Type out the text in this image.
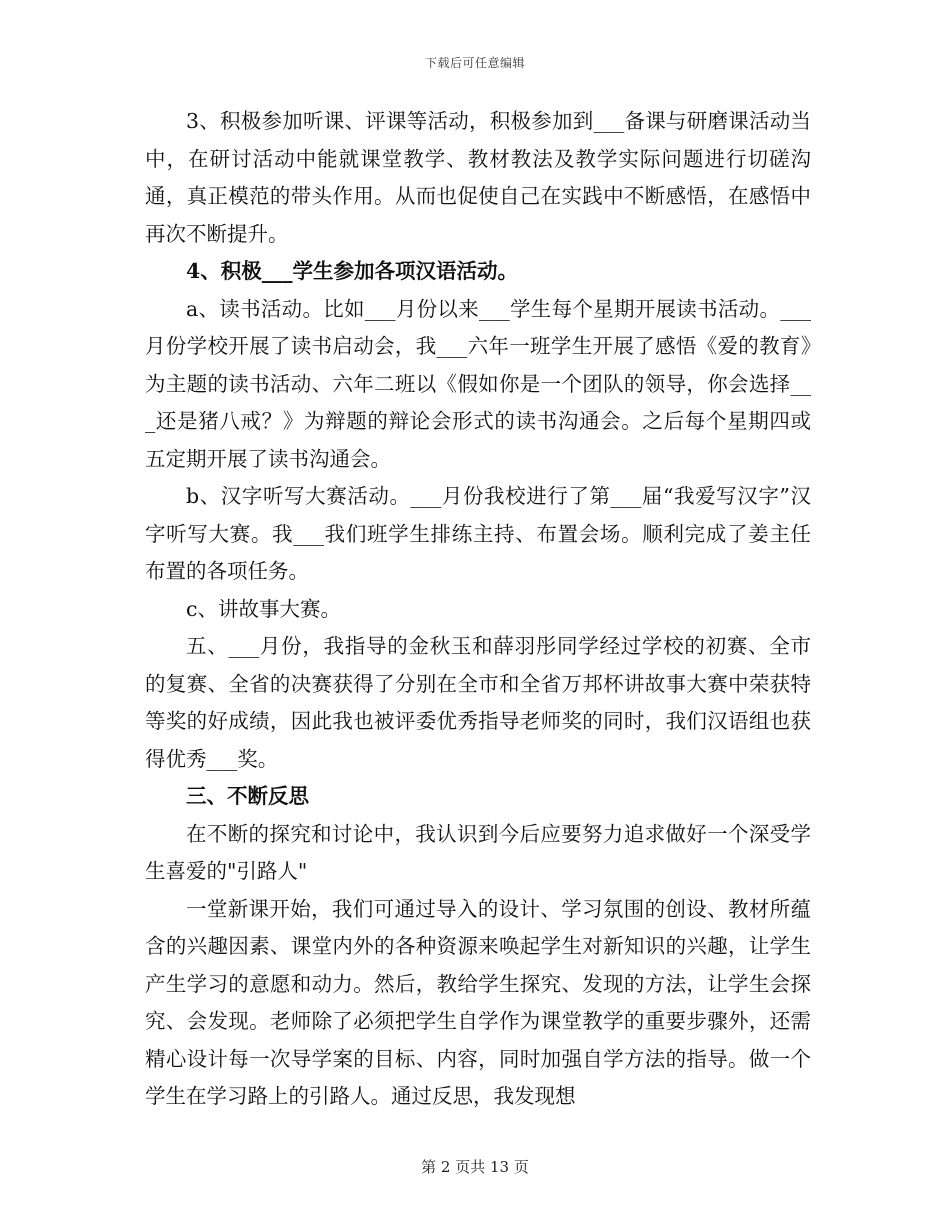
下载后可任意编辑

3、积极参加听课、评课等活动，积极参加到___备课与研磨课活动当中，在研讨活动中能就课堂教学、教材教法及教学实际问题进行切磋沟通，真正模范的带头作用。从而也促使自己在实践中不断感悟，在感悟中再次不断提升。

4、积极___学生参加各项汉语活动。

a、读书活动。比如___月份以来___学生每个星期开展读书活动。___月份学校开展了读书启动会，我___六年一班学生开展了感悟《爱的教育》为主题的读书活动、六年二班以《假如你是一个团队的领导，你会选择___还是猪八戒？》为辩题的辩论会形式的读书沟通会。之后每个星期四或五定期开展了读书沟通会。

b、汉字听写大赛活动。___月份我校进行了第___届“我爱写汉字”汉字听写大赛。我___我们班学生排练主持、布置会场。顺利完成了姜主任布置的各项任务。

c、讲故事大赛。

五、___月份，我指导的金秋玉和薛羽彤同学经过学校的初赛、全市的复赛、全省的决赛获得了分别在全市和全省万邦杯讲故事大赛中荣获特等奖的好成绩，因此我也被评委优秀指导老师奖的同时，我们汉语组也获得优秀___奖。

三、不断反思

在不断的探究和讨论中，我认识到今后应要努力追求做好一个深受学生喜爱的"引路人"

一堂新课开始，我们可通过导入的设计、学习氛围的创设、教材所蕴含的兴趣因素、课堂内外的各种资源来唤起学生对新知识的兴趣，让学生产生学习的意愿和动力。然后，教给学生探究、发现的方法，让学生会探究、会发现。老师除了必须把学生自学作为课堂教学的重要步骤外，还需精心设计每一次导学案的目标、内容，同时加强自学方法的指导。做一个学生在学习路上的引路人。通过反思，我发现想

第 2 页共 13 页
